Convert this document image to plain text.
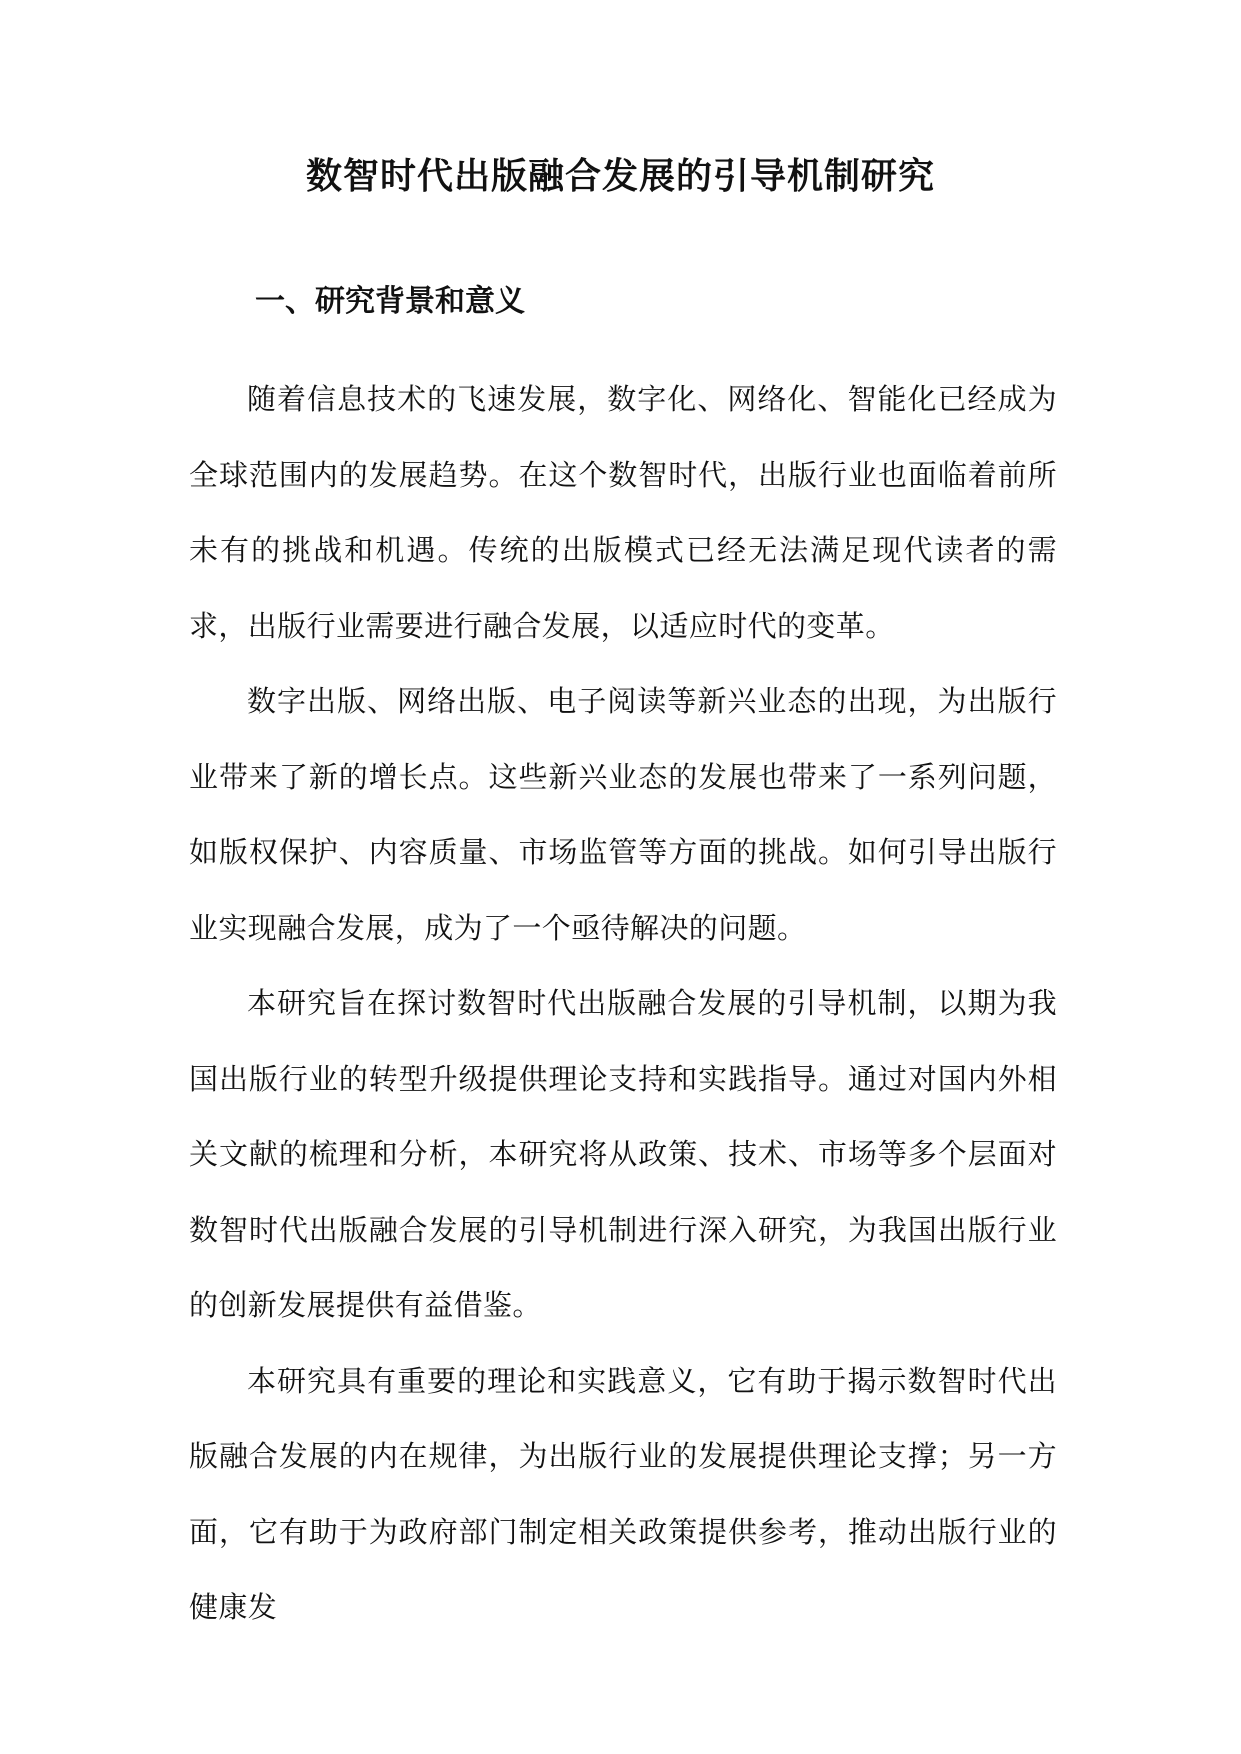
数智时代出版融合发展的引导机制研究
一、研究背景和意义

随着信息技术的飞速发展，数字化、网络化、智能化已经成为全球范围内的发展趋势。在这个数智时代，出版行业也面临着前所未有的挑战和机遇。传统的出版模式已经无法满足现代读者的需求，出版行业需要进行融合发展，以适应时代的变革。

数字出版、网络出版、电子阅读等新兴业态的出现，为出版行业带来了新的增长点。这些新兴业态的发展也带来了一系列问题，如版权保护、内容质量、市场监管等方面的挑战。如何引导出版行业实现融合发展，成为了一个亟待解决的问题。

本研究旨在探讨数智时代出版融合发展的引导机制，以期为我国出版行业的转型升级提供理论支持和实践指导。通过对国内外相关文献的梳理和分析，本研究将从政策、技术、市场等多个层面对数智时代出版融合发展的引导机制进行深入研究，为我国出版行业的创新发展提供有益借鉴。

本研究具有重要的理论和实践意义，它有助于揭示数智时代出版融合发展的内在规律，为出版行业的发展提供理论支撑；另一方面，它有助于为政府部门制定相关政策提供参考，推动出版行业的健康发
